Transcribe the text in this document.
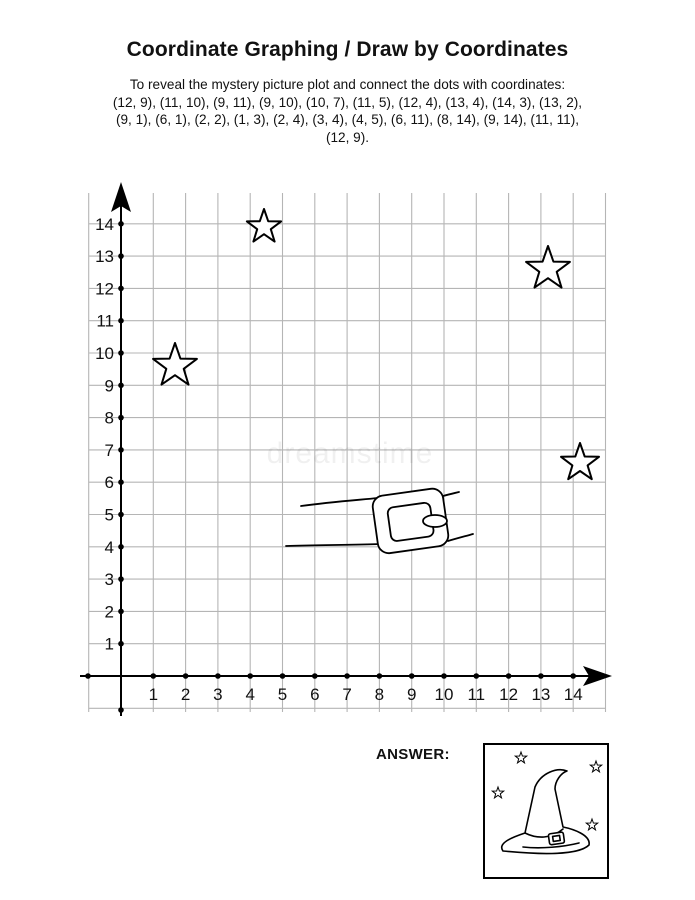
Coordinate Graphing / Draw by Coordinates
To reveal the mystery picture plot and connect the dots with coordinates:
(12, 9), (11, 10), (9, 11), (9, 10), (10, 7), (11, 5), (12, 4), (13, 4), (14, 3), (13, 2),
(9, 1), (6, 1), (2, 2), (1, 3), (2, 4), (3, 4), (4, 5), (6, 11), (8, 14), (9, 14), (11, 11),
(12, 9).
1 2 3 4 5 6 7 8 9 10 11 12 13 14
1
2
3
4
5
6
7
8
9
10
11
12
13
14
dreamstime
ANSWER:
